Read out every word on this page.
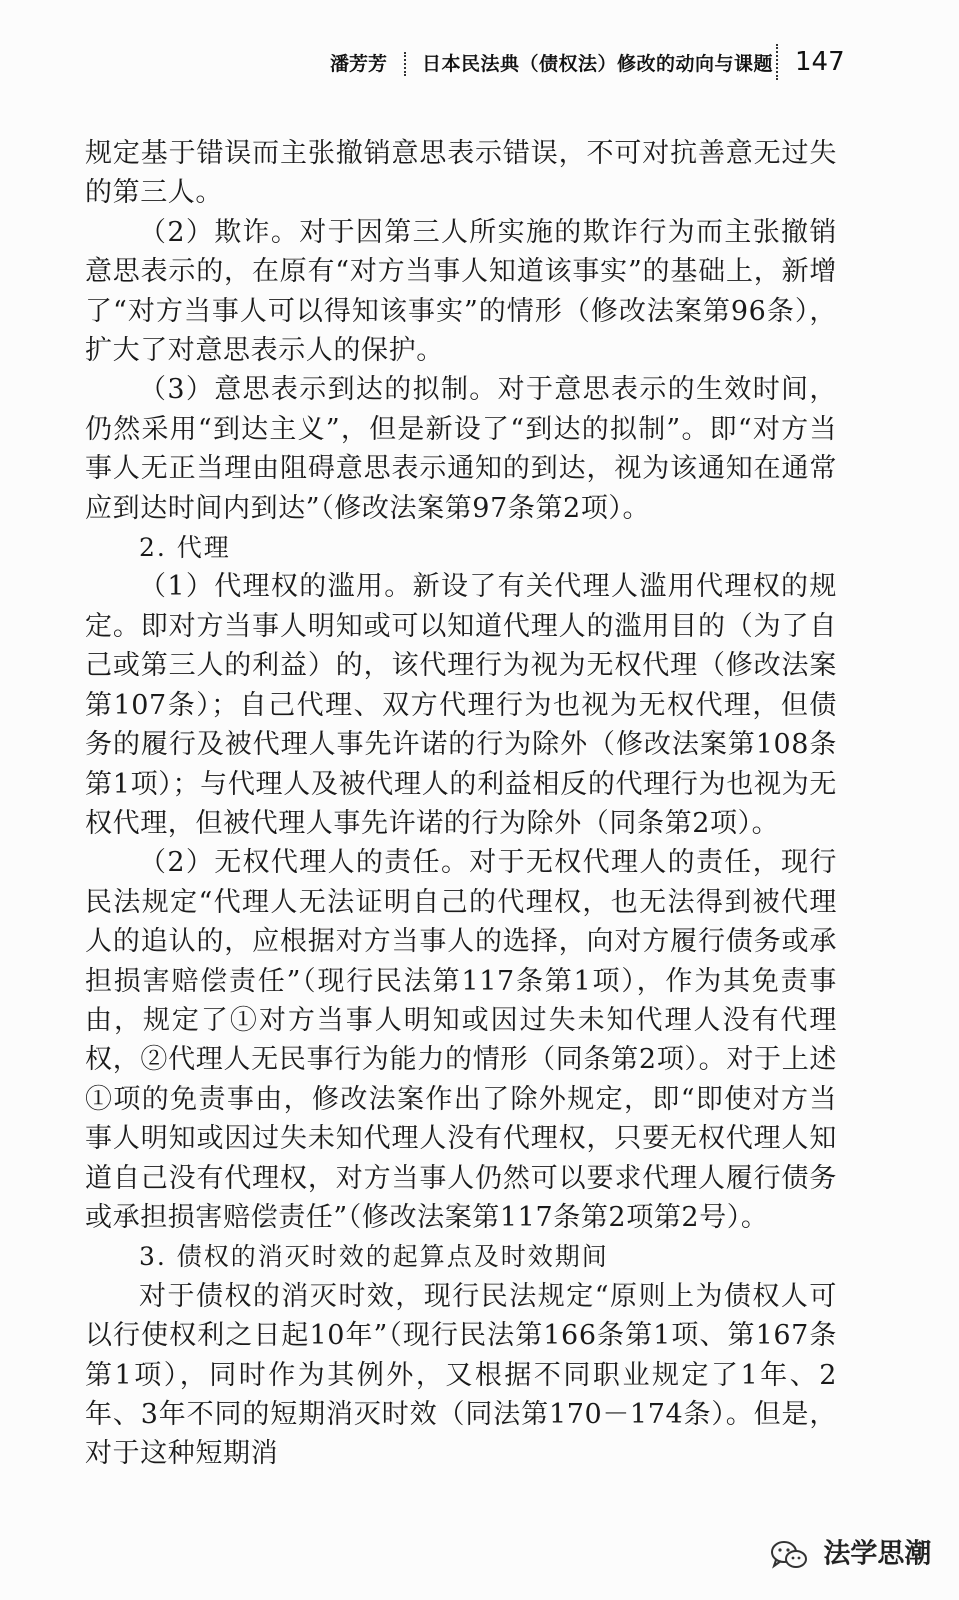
潘芳芳 日本民法典（债权法）修改的动向与课题 147

规定基于错误而主张撤销意思表示错误，不可对抗善意无过失的第三人。

（2）欺诈。对于因第三人所实施的欺诈行为而主张撤销意思表示的，在原有“对方当事人知道该事实”的基础上，新增了“对方当事人可以得知该事实”的情形（修改法案第96条），扩大了对意思表示人的保护。

（3）意思表示到达的拟制。对于意思表示的生效时间，仍然采用“到达主义”，但是新设了“到达的拟制”。即“对方当事人无正当理由阻碍意思表示通知的到达，视为该通知在通常应到达时间内到达”（修改法案第97条第2项）。

2. 代理

（1）代理权的滥用。新设了有关代理人滥用代理权的规定。即对方当事人明知或可以知道代理人的滥用目的（为了自己或第三人的利益）的，该代理行为视为无权代理（修改法案第107条）；自己代理、双方代理行为也视为无权代理，但债务的履行及被代理人事先许诺的行为除外（修改法案第108条第1项）；与代理人及被代理人的利益相反的代理行为也视为无权代理，但被代理人事先许诺的行为除外（同条第2项）。

（2）无权代理人的责任。对于无权代理人的责任，现行民法规定“代理人无法证明自己的代理权，也无法得到被代理人的追认的，应根据对方当事人的选择，向对方履行债务或承担损害赔偿责任”（现行民法第117条第1项），作为其免责事由，规定了①对方当事人明知或因过失未知代理人没有代理权，②代理人无民事行为能力的情形（同条第2项）。对于上述①项的免责事由，修改法案作出了除外规定，即“即使对方当事人明知或因过失未知代理人没有代理权，只要无权代理人知道自己没有代理权，对方当事人仍然可以要求代理人履行债务或承担损害赔偿责任”（修改法案第117条第2项第2号）。

3. 债权的消灭时效的起算点及时效期间

对于债权的消灭时效，现行民法规定“原则上为债权人可以行使权利之日起10年”（现行民法第166条第1项、第167条第1项），同时作为其例外，又根据不同职业规定了1年、2年、3年不同的短期消灭时效（同法第170－174条）。但是，对于这种短期消

法学思潮
